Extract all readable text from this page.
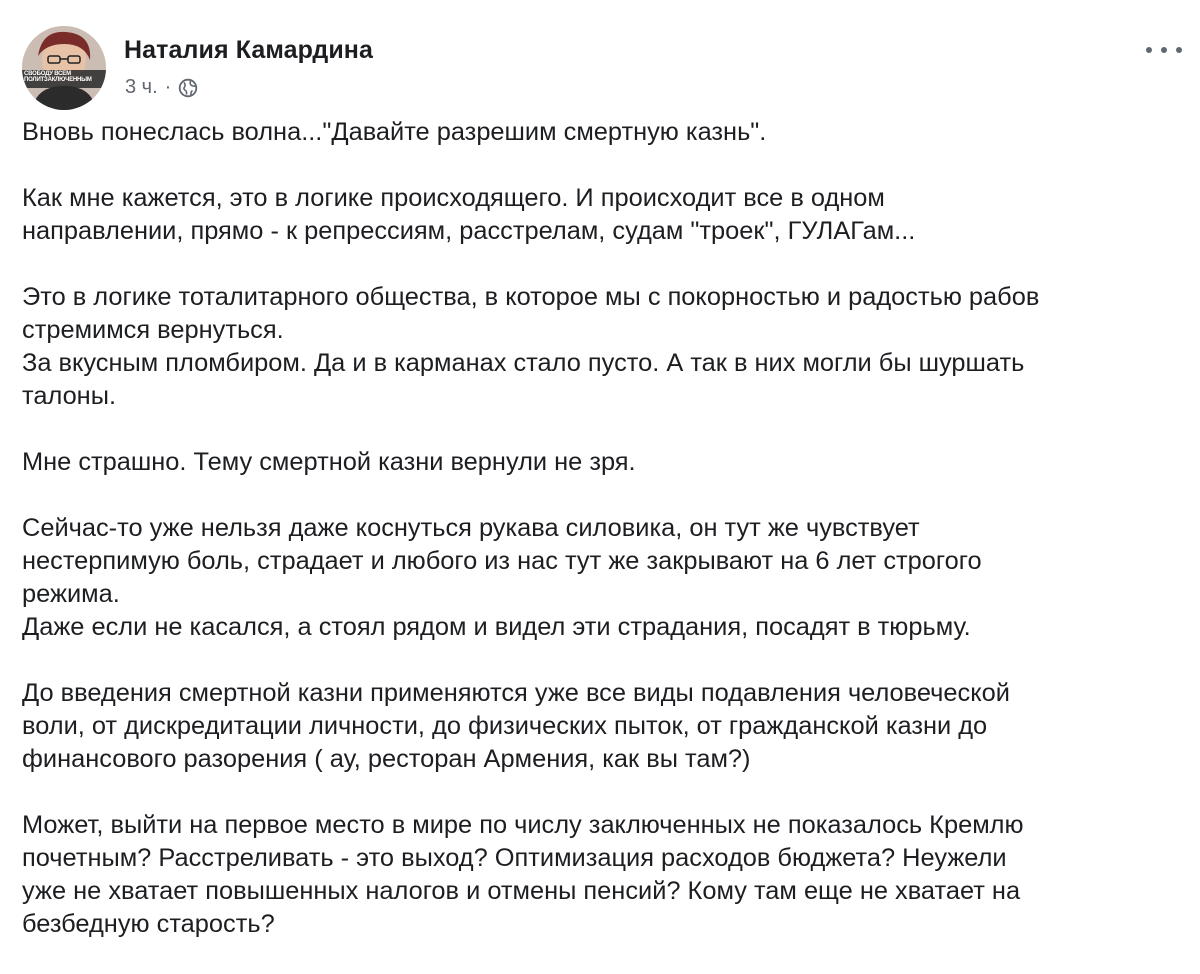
СВОБОДУ ВСЕМ ПОЛИТЗАКЛЮЧЕННЫМ
Наталия Камардина
3 ч. ·

Вновь понеслась волна..."Давайте разрешим смертную казнь".

Как мне кажется, это в логике происходящего. И происходит все в одном
направлении, прямо - к репрессиям, расстрелам, судам "троек", ГУЛАГам...

Это в логике тоталитарного общества, в которое мы с покорностью и радостью рабов
стремимся вернуться.
За вкусным пломбиром. Да и в карманах стало пусто. А так в них могли бы шуршать
талоны.

Мне страшно. Тему смертной казни вернули не зря.

Сейчас-то уже нельзя даже коснуться рукава силовика, он тут же чувствует
нестерпимую боль, страдает и любого из нас тут же закрывают на 6 лет строгого
режима.
Даже если не касался, а стоял рядом и видел эти страдания, посадят в тюрьму.

До введения смертной казни применяются уже все виды подавления человеческой
воли, от дискредитации личности, до физических пыток, от гражданской казни до
финансового разорения ( ау, ресторан Армения, как вы там?)

Может, выйти на первое место в мире по числу заключенных не показалось Кремлю
почетным? Расстреливать - это выход? Оптимизация расходов бюджета? Неужели
уже не хватает повышенных налогов и отмены пенсий? Кому там еще не хватает на
безбедную старость?
